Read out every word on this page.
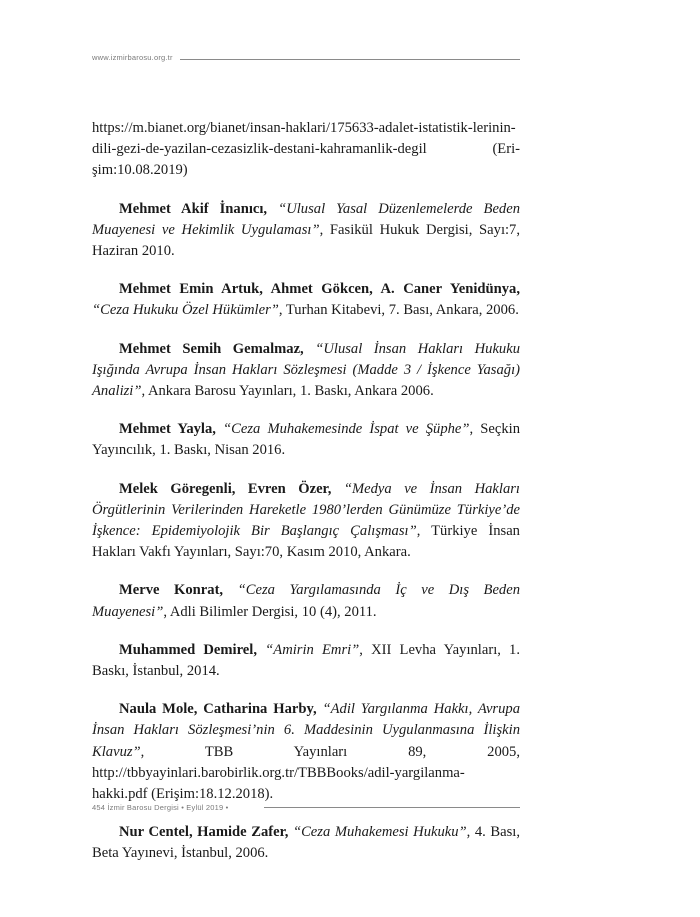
www.izmirbarosu.org.tr

https://m.bianet.org/bianet/insan-haklari/175633-adalet-istatistik-lerinin-dili-gezi-de-yazilan-cezasizlik-destani-kahramanlik-degil (Eri-şim:10.08.2019)

Mehmet Akif İnanıcı, “Ulusal Yasal Düzenlemelerde Beden Muayenesi ve Hekimlik Uygulaması”, Fasikül Hukuk Dergisi, Sayı:7, Haziran 2010.

Mehmet Emin Artuk, Ahmet Gökcen, A. Caner Yenidünya, “Ceza Hukuku Özel Hükümler”, Turhan Kitabevi, 7. Bası, Ankara, 2006.

Mehmet Semih Gemalmaz, “Ulusal İnsan Hakları Hukuku Işığında Avrupa İnsan Hakları Sözleşmesi (Madde 3 / İşkence Yasağı) Analizi”, Ankara Barosu Yayınları, 1. Baskı, Ankara 2006.

Mehmet Yayla, “Ceza Muhakemesinde İspat ve Şüphe”, Seçkin Yayıncılık, 1. Baskı, Nisan 2016.

Melek Göregenli, Evren Özer, “Medya ve İnsan Hakları Örgütlerinin Verilerinden Hareketle 1980’lerden Günümüze Türkiye’de İşkence: Epidemiyolojik Bir Başlangıç Çalışması”, Türkiye İnsan Hakları Vakfı Yayınları, Sayı:70, Kasım 2010, Ankara.

Merve Konrat, “Ceza Yargılamasında İç ve Dış Beden Muayenesi”, Adli Bilimler Dergisi, 10 (4), 2011.

Muhammed Demirel, “Amirin Emri”, XII Levha Yayınları, 1. Baskı, İstanbul, 2014.

Naula Mole, Catharina Harby, “Adil Yargılanma Hakkı, Avrupa İnsan Hakları Sözleşmesi’nin 6. Maddesinin Uygulanmasına İlişkin Klavuz”, TBB Yayınları 89, 2005, http://tbbyayinlari.barobirlik.org.tr/TBBBooks/adil-yargilanma-hakki.pdf (Erişim:18.12.2018).

Nur Centel, Hamide Zafer, “Ceza Muhakemesi Hukuku”, 4. Bası, Beta Yayınevi, İstanbul, 2006.

454 İzmir Barosu Dergisi • Eylül 2019 •
